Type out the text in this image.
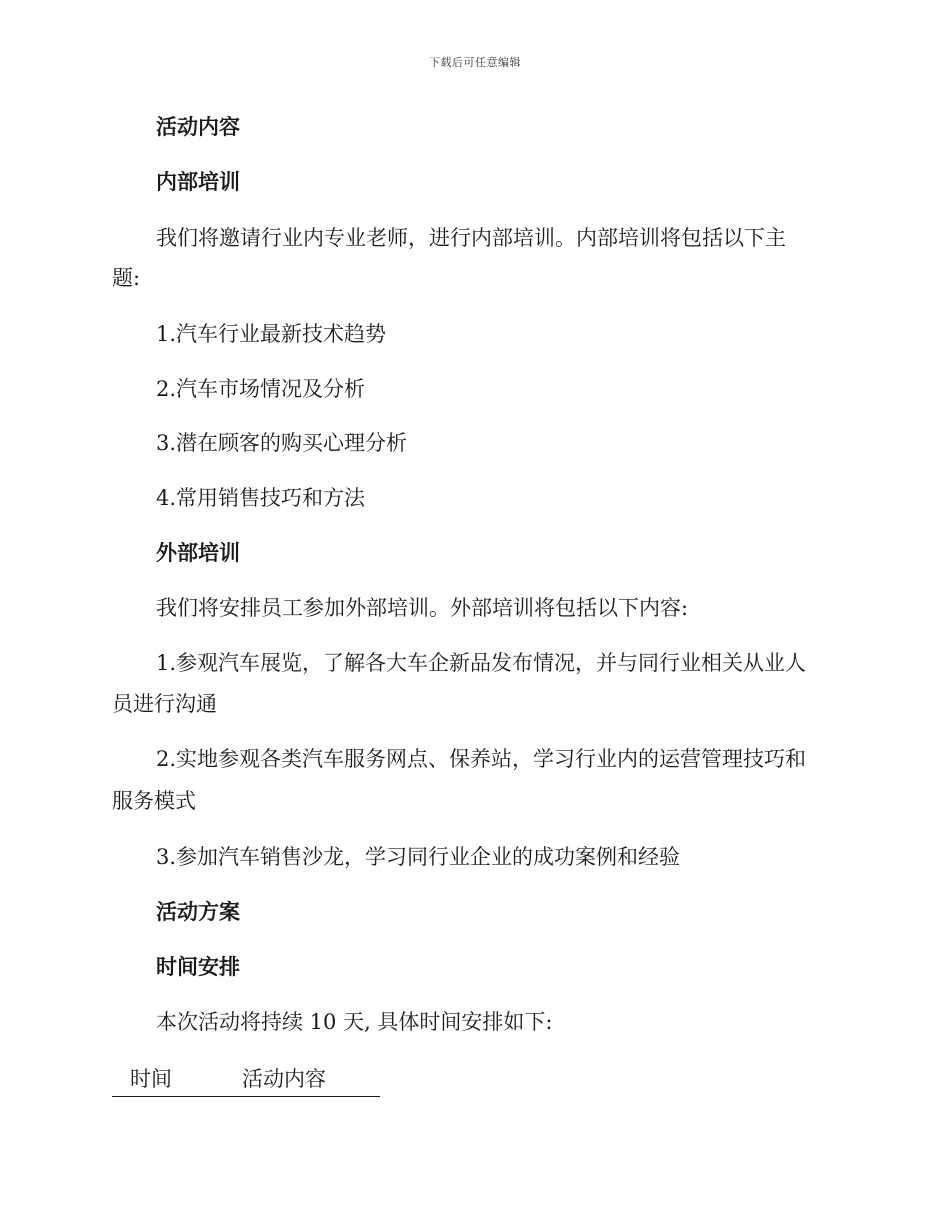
下载后可任意编辑
活动内容
内部培训
我们将邀请行业内专业老师，进行内部培训。内部培训将包括以下主
题:
1.汽车行业最新技术趋势
2.汽车市场情况及分析
3.潜在顾客的购买心理分析
4.常用销售技巧和方法
外部培训
我们将安排员工参加外部培训。外部培训将包括以下内容:
1.参观汽车展览，了解各大车企新品发布情况，并与同行业相关从业人
员进行沟通
2.实地参观各类汽车服务网点、保养站，学习行业内的运营管理技巧和
服务模式
3.参加汽车销售沙龙，学习同行业企业的成功案例和经验
活动方案
时间安排
本次活动将持续 10 天, 具体时间安排如下:
时间	活动内容
